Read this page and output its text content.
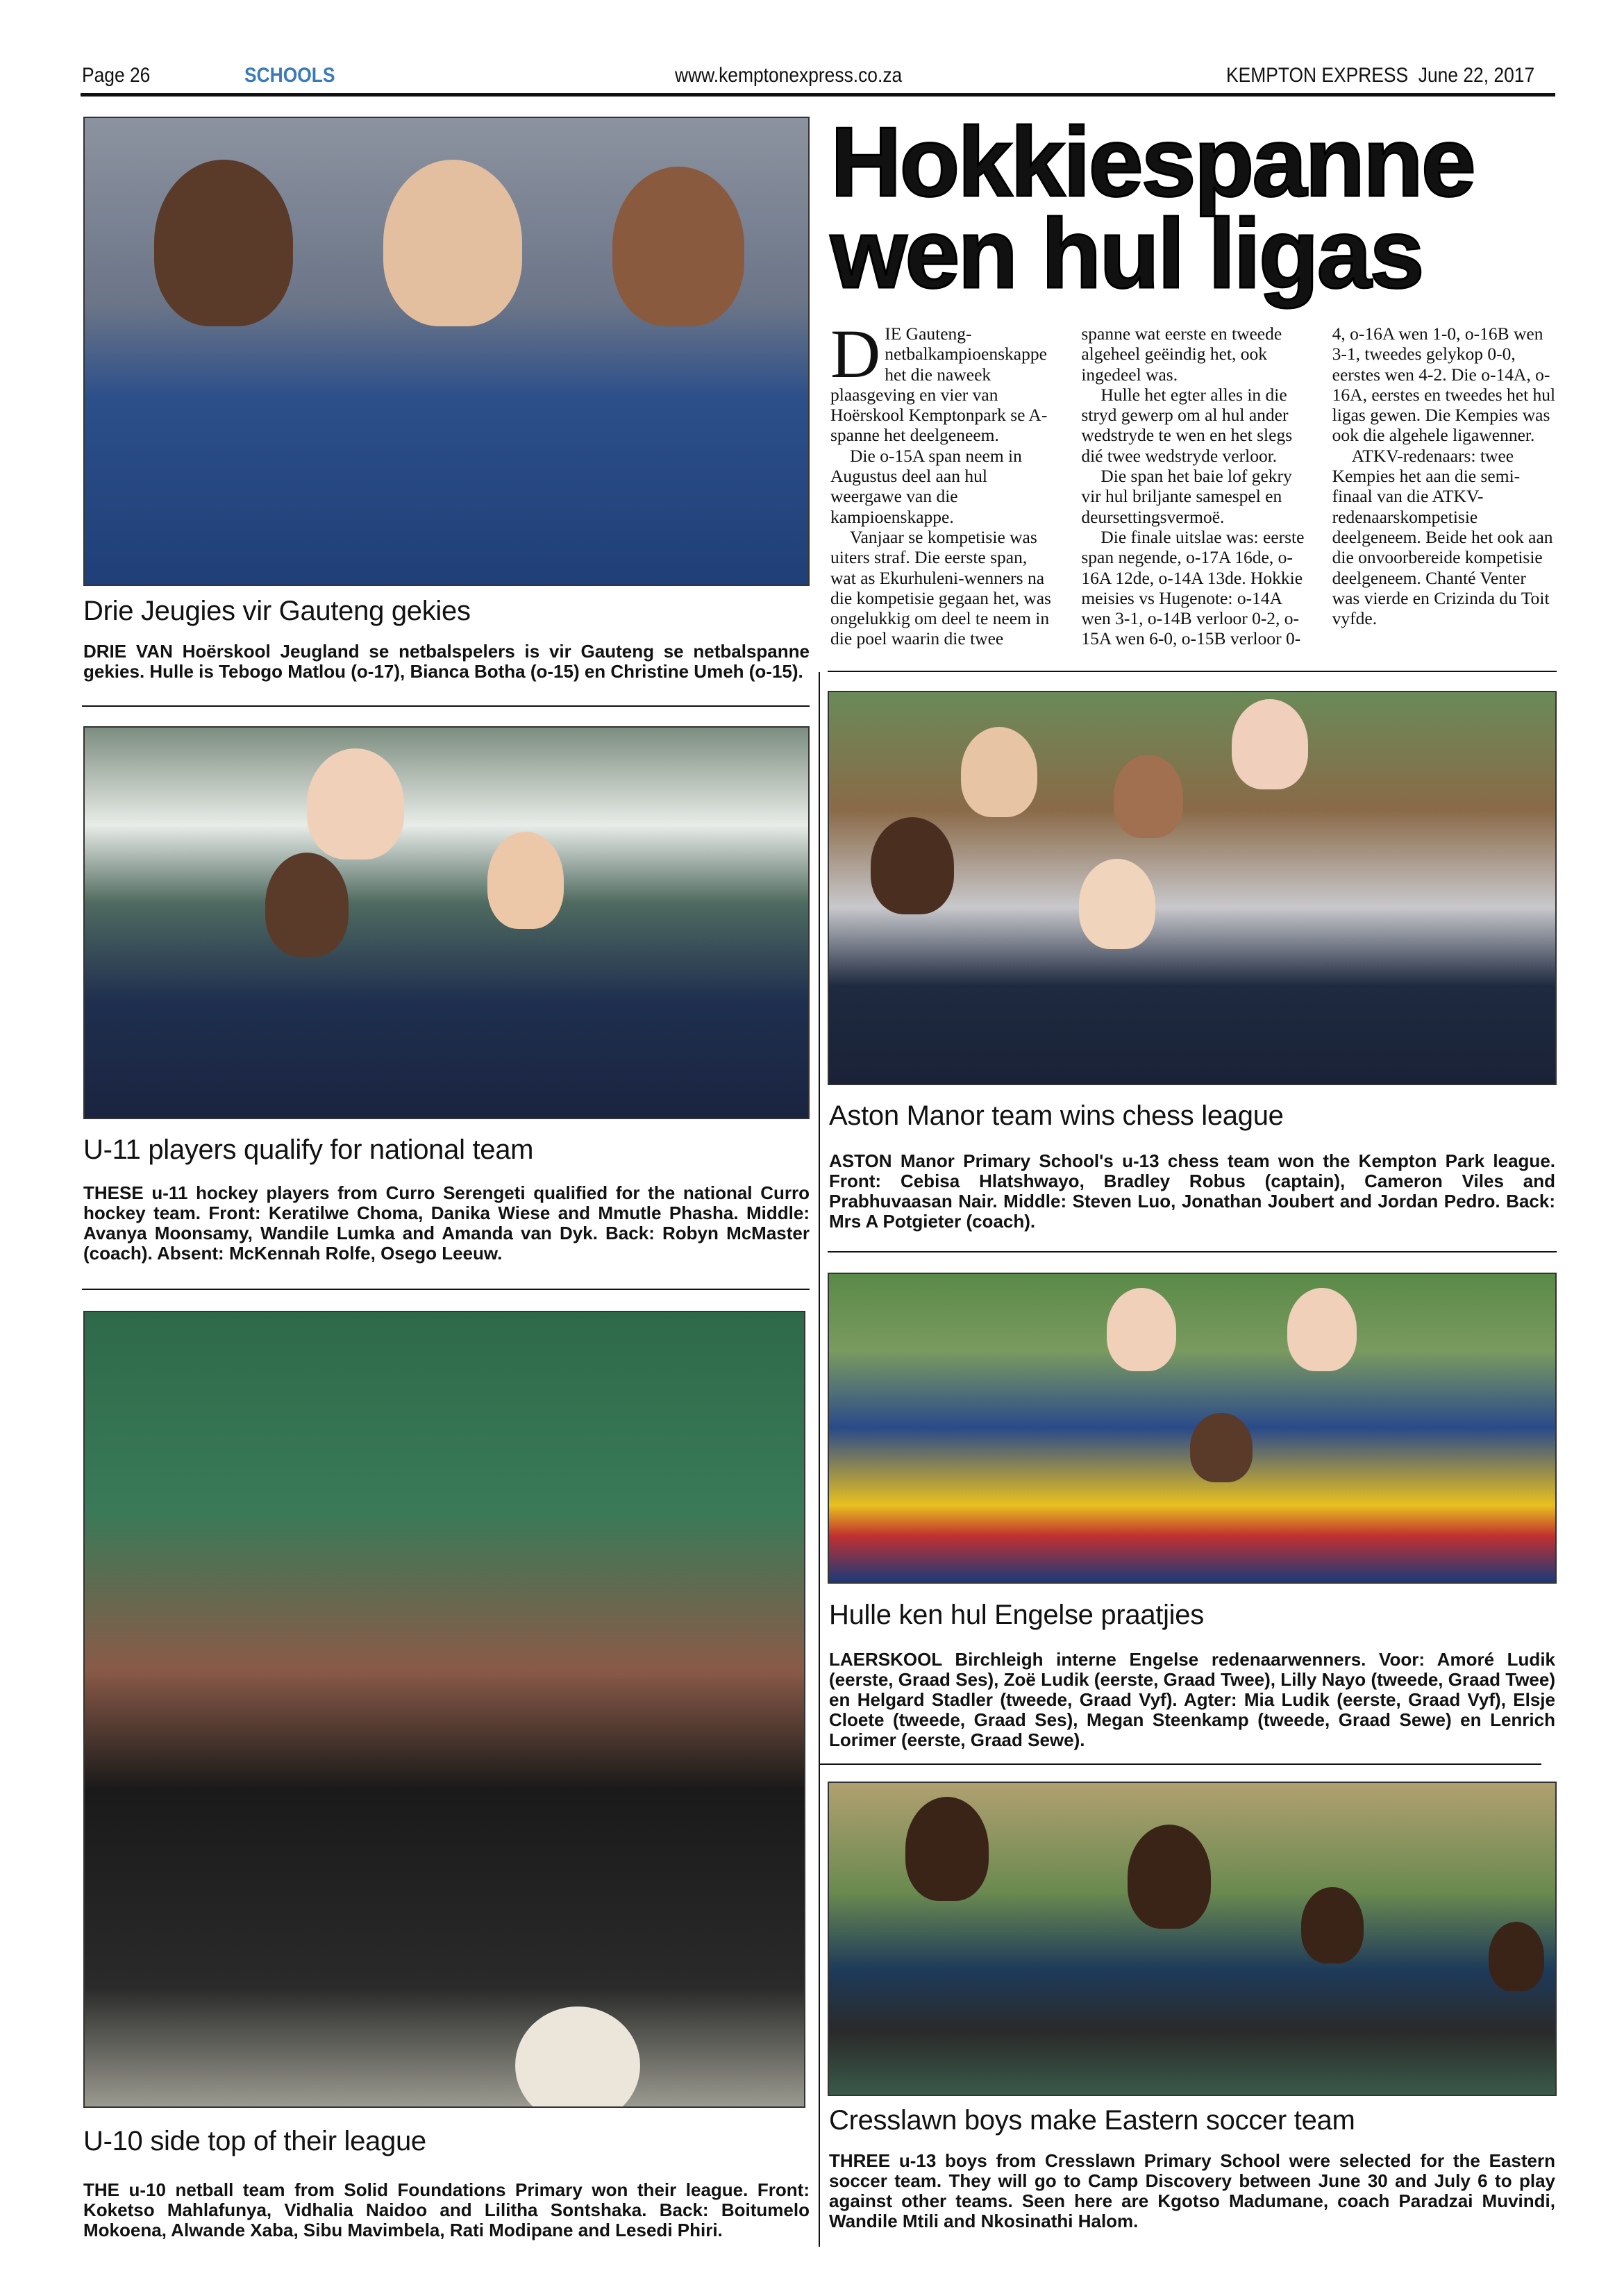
Page 26	SCHOOLS	www.kemptonexpress.co.za	KEMPTON EXPRESS  June 22, 2017
Drie Jeugies vir Gauteng gekies
DRIE VAN Hoërskool Jeugland se netbalspelers is vir Gauteng se netbalspanne gekies. Hulle is Tebogo Matlou (o-17), Bianca Botha (o-15) en Christine Umeh (o-15).
U-11 players qualify for national team
THESE u-11 hockey players from Curro Serengeti qualified for the national Curro hockey team. Front: Keratilwe Choma, Danika Wiese and Mmutle Phasha. Middle: Avanya Moonsamy, Wandile Lumka and Amanda van Dyk. Back: Robyn McMaster (coach). Absent: McKennah Rolfe, Osego Leeuw.
U-10 side top of their league
THE u-10 netball team from Solid Foundations Primary won their league. Front: Koketso Mahlafunya, Vidhalia Naidoo and Lilitha Sontshaka. Back: Boitumelo Mokoena, Alwande Xaba, Sibu Mavimbela, Rati Modipane and Lesedi Phiri.
Hokkiespanne
wen hul ligas

DIE Gauteng-netbalkampioenskappe het die naweek plaasgeving en vier van Hoërskool Kemptonpark se A-spanne het deelgeneem.

Die o-15A span neem in Augustus deel aan hul weergawe van die kampioenskappe.

Vanjaar se kompetisie was uiters straf. Die eerste span, wat as Ekurhuleni-wenners na die kompetisie gegaan het, was ongelukkig om deel te neem in die poel waarin die twee spanne wat eerste en tweede algeheel geëindig het, ook ingedeel was.

Hulle het egter alles in die stryd gewerp om al hul ander wedstryde te wen en het slegs dié twee wedstryde verloor.

Die span het baie lof gekry vir hul briljante samespel en deursettingsvermoë.

Die finale uitslae was: eerste span negende, o-17A 16de, o-16A 12de, o-14A 13de. Hokkie meisies vs Hugenote: o-14A wen 3-1, o-14B verloor 0-2, o-15A wen 6-0, o-15B verloor 0-4, o-16A wen 1-0, o-16B wen 3-1, tweedes gelykop 0-0, eerstes wen 4-2. Die o-14A, o-16A, eerstes en tweedes het hul ligas gewen. Die Kempies was ook die algehele ligawenner.

ATKV-redenaars: twee Kempies het aan die semi-finaal van die ATKV-redenaarskompetisie deelgeneem. Beide het ook aan die onvoorbereide kompetisie deelgeneem. Chanté Venter was vierde en Crizinda du Toit vyfde.

Aston Manor team wins chess league
ASTON Manor Primary School's u-13 chess team won the Kempton Park league. Front: Cebisa Hlatshwayo, Bradley Robus (captain), Cameron Viles and Prabhuvaasan Nair. Middle: Steven Luo, Jonathan Joubert and Jordan Pedro. Back: Mrs A Potgieter (coach).
Hulle ken hul Engelse praatjies
LAERSKOOL Birchleigh interne Engelse redenaarwenners. Voor: Amoré Ludik (eerste, Graad Ses), Zoë Ludik (eerste, Graad Twee), Lilly Nayo (tweede, Graad Twee) en Helgard Stadler (tweede, Graad Vyf). Agter: Mia Ludik (eerste, Graad Vyf), Elsje Cloete (tweede, Graad Ses), Megan Steenkamp (tweede, Graad Sewe) en Lenrich Lorimer (eerste, Graad Sewe).
Cresslawn boys make Eastern soccer team
THREE u-13 boys from Cresslawn Primary School were selected for the Eastern soccer team. They will go to Camp Discovery between June 30 and July 6 to play against other teams. Seen here are Kgotso Madumane, coach Paradzai Muvindi, Wandile Mtili and Nkosinathi Halom.
